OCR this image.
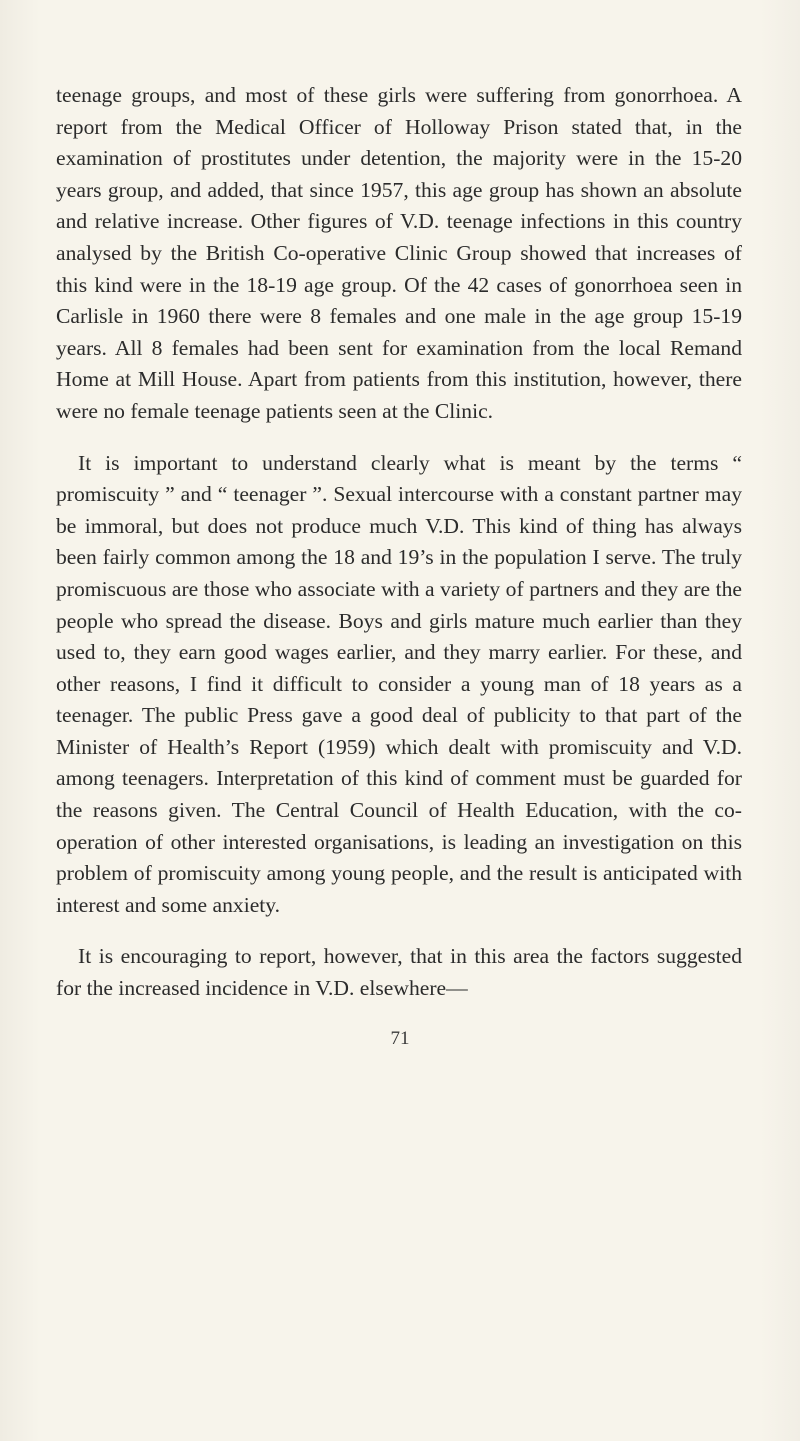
teenage groups, and most of these girls were suffering from gonorrhoea. A report from the Medical Officer of Holloway Prison stated that, in the examination of prostitutes under detention, the majority were in the 15-20 years group, and added, that since 1957, this age group has shown an absolute and relative increase. Other figures of V.D. teenage infections in this country analysed by the British Co-operative Clinic Group showed that increases of this kind were in the 18-19 age group. Of the 42 cases of gonorrhoea seen in Carlisle in 1960 there were 8 females and one male in the age group 15-19 years. All 8 females had been sent for examination from the local Remand Home at Mill House. Apart from patients from this institution, however, there were no female teenage patients seen at the Clinic.

It is important to understand clearly what is meant by the terms “ promiscuity ” and “ teenager ”. Sexual intercourse with a constant partner may be immoral, but does not produce much V.D. This kind of thing has always been fairly common among the 18 and 19’s in the population I serve. The truly promiscuous are those who associate with a variety of partners and they are the people who spread the disease. Boys and girls mature much earlier than they used to, they earn good wages earlier, and they marry earlier. For these, and other reasons, I find it difficult to consider a young man of 18 years as a teenager. The public Press gave a good deal of publicity to that part of the Minister of Health’s Report (1959) which dealt with promiscuity and V.D. among teenagers. Interpretation of this kind of comment must be guarded for the reasons given. The Central Council of Health Education, with the co-operation of other interested organisations, is leading an investigation on this problem of promiscuity among young people, and the result is anticipated with interest and some anxiety.

It is encouraging to report, however, that in this area the factors suggested for the increased incidence in V.D. elsewhere—

71
